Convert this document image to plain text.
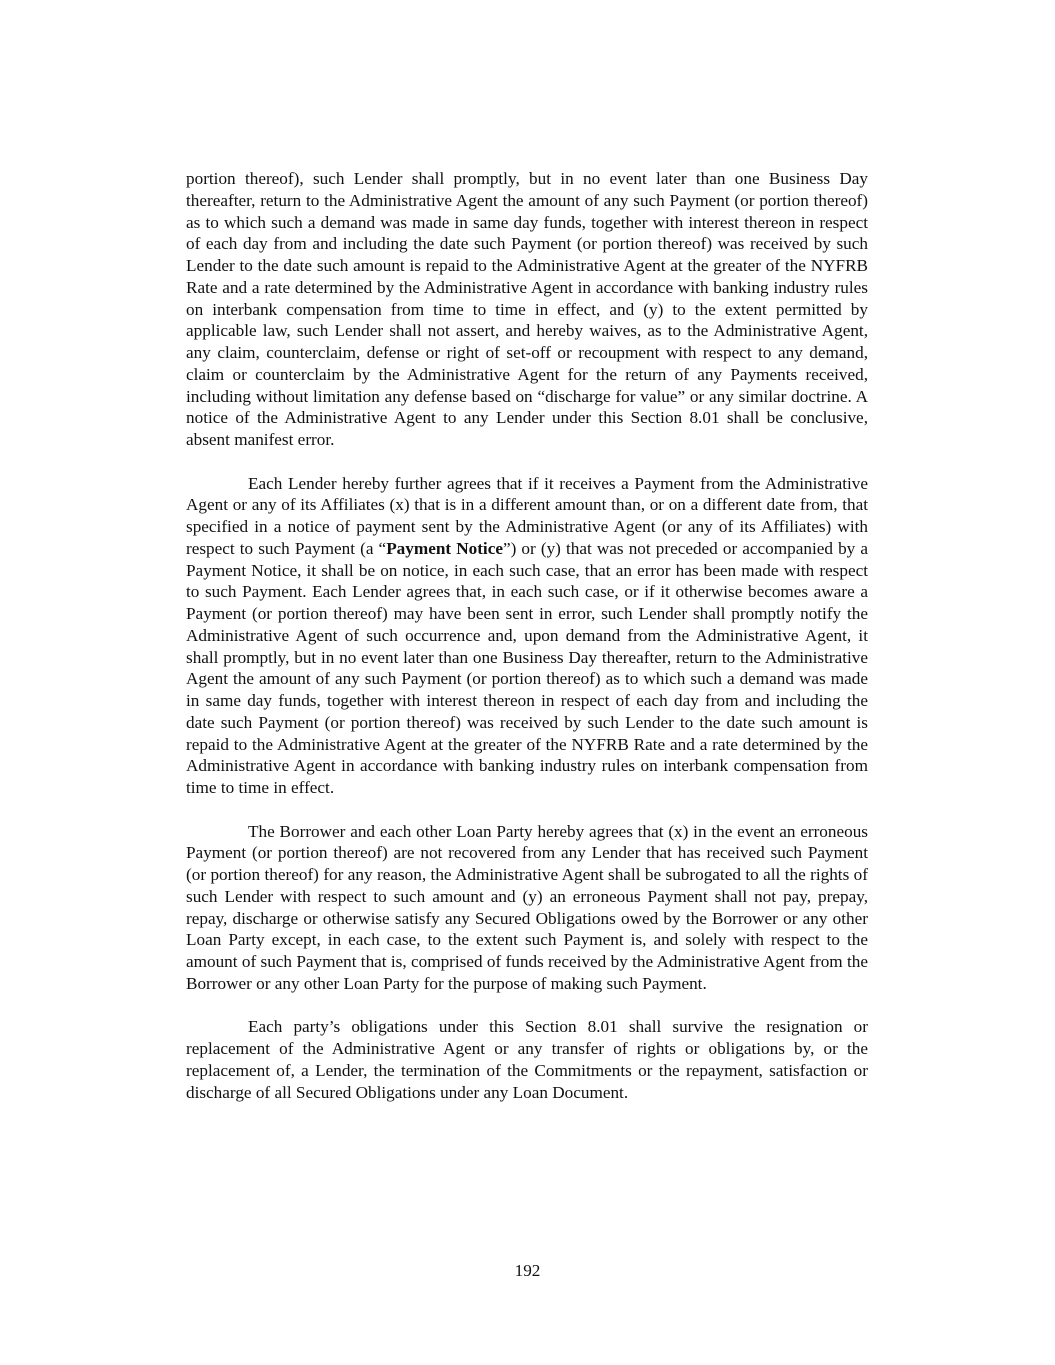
portion thereof), such Lender shall promptly, but in no event later than one Business Day thereafter, return to the Administrative Agent the amount of any such Payment (or portion thereof) as to which such a demand was made in same day funds, together with interest thereon in respect of each day from and including the date such Payment (or portion thereof) was received by such Lender to the date such amount is repaid to the Administrative Agent at the greater of the NYFRB Rate and a rate determined by the Administrative Agent in accordance with banking industry rules on interbank compensation from time to time in effect, and (y) to the extent permitted by applicable law, such Lender shall not assert, and hereby waives, as to the Administrative Agent, any claim, counterclaim, defense or right of set-off or recoupment with respect to any demand, claim or counterclaim by the Administrative Agent for the return of any Payments received, including without limitation any defense based on “discharge for value” or any similar doctrine. A notice of the Administrative Agent to any Lender under this Section 8.01 shall be conclusive, absent manifest error.

Each Lender hereby further agrees that if it receives a Payment from the Administrative Agent or any of its Affiliates (x) that is in a different amount than, or on a different date from, that specified in a notice of payment sent by the Administrative Agent (or any of its Affiliates) with respect to such Payment (a “Payment Notice”) or (y) that was not preceded or accompanied by a Payment Notice, it shall be on notice, in each such case, that an error has been made with respect to such Payment. Each Lender agrees that, in each such case, or if it otherwise becomes aware a Payment (or portion thereof) may have been sent in error, such Lender shall promptly notify the Administrative Agent of such occurrence and, upon demand from the Administrative Agent, it shall promptly, but in no event later than one Business Day thereafter, return to the Administrative Agent the amount of any such Payment (or portion thereof) as to which such a demand was made in same day funds, together with interest thereon in respect of each day from and including the date such Payment (or portion thereof) was received by such Lender to the date such amount is repaid to the Administrative Agent at the greater of the NYFRB Rate and a rate determined by the Administrative Agent in accordance with banking industry rules on interbank compensation from time to time in effect.

The Borrower and each other Loan Party hereby agrees that (x) in the event an erroneous Payment (or portion thereof) are not recovered from any Lender that has received such Payment (or portion thereof) for any reason, the Administrative Agent shall be subrogated to all the rights of such Lender with respect to such amount and (y) an erroneous Payment shall not pay, prepay, repay, discharge or otherwise satisfy any Secured Obligations owed by the Borrower or any other Loan Party except, in each case, to the extent such Payment is, and solely with respect to the amount of such Payment that is, comprised of funds received by the Administrative Agent from the Borrower or any other Loan Party for the purpose of making such Payment.

Each party’s obligations under this Section 8.01 shall survive the resignation or replacement of the Administrative Agent or any transfer of rights or obligations by, or the replacement of, a Lender, the termination of the Commitments or the repayment, satisfaction or discharge of all Secured Obligations under any Loan Document.

192
